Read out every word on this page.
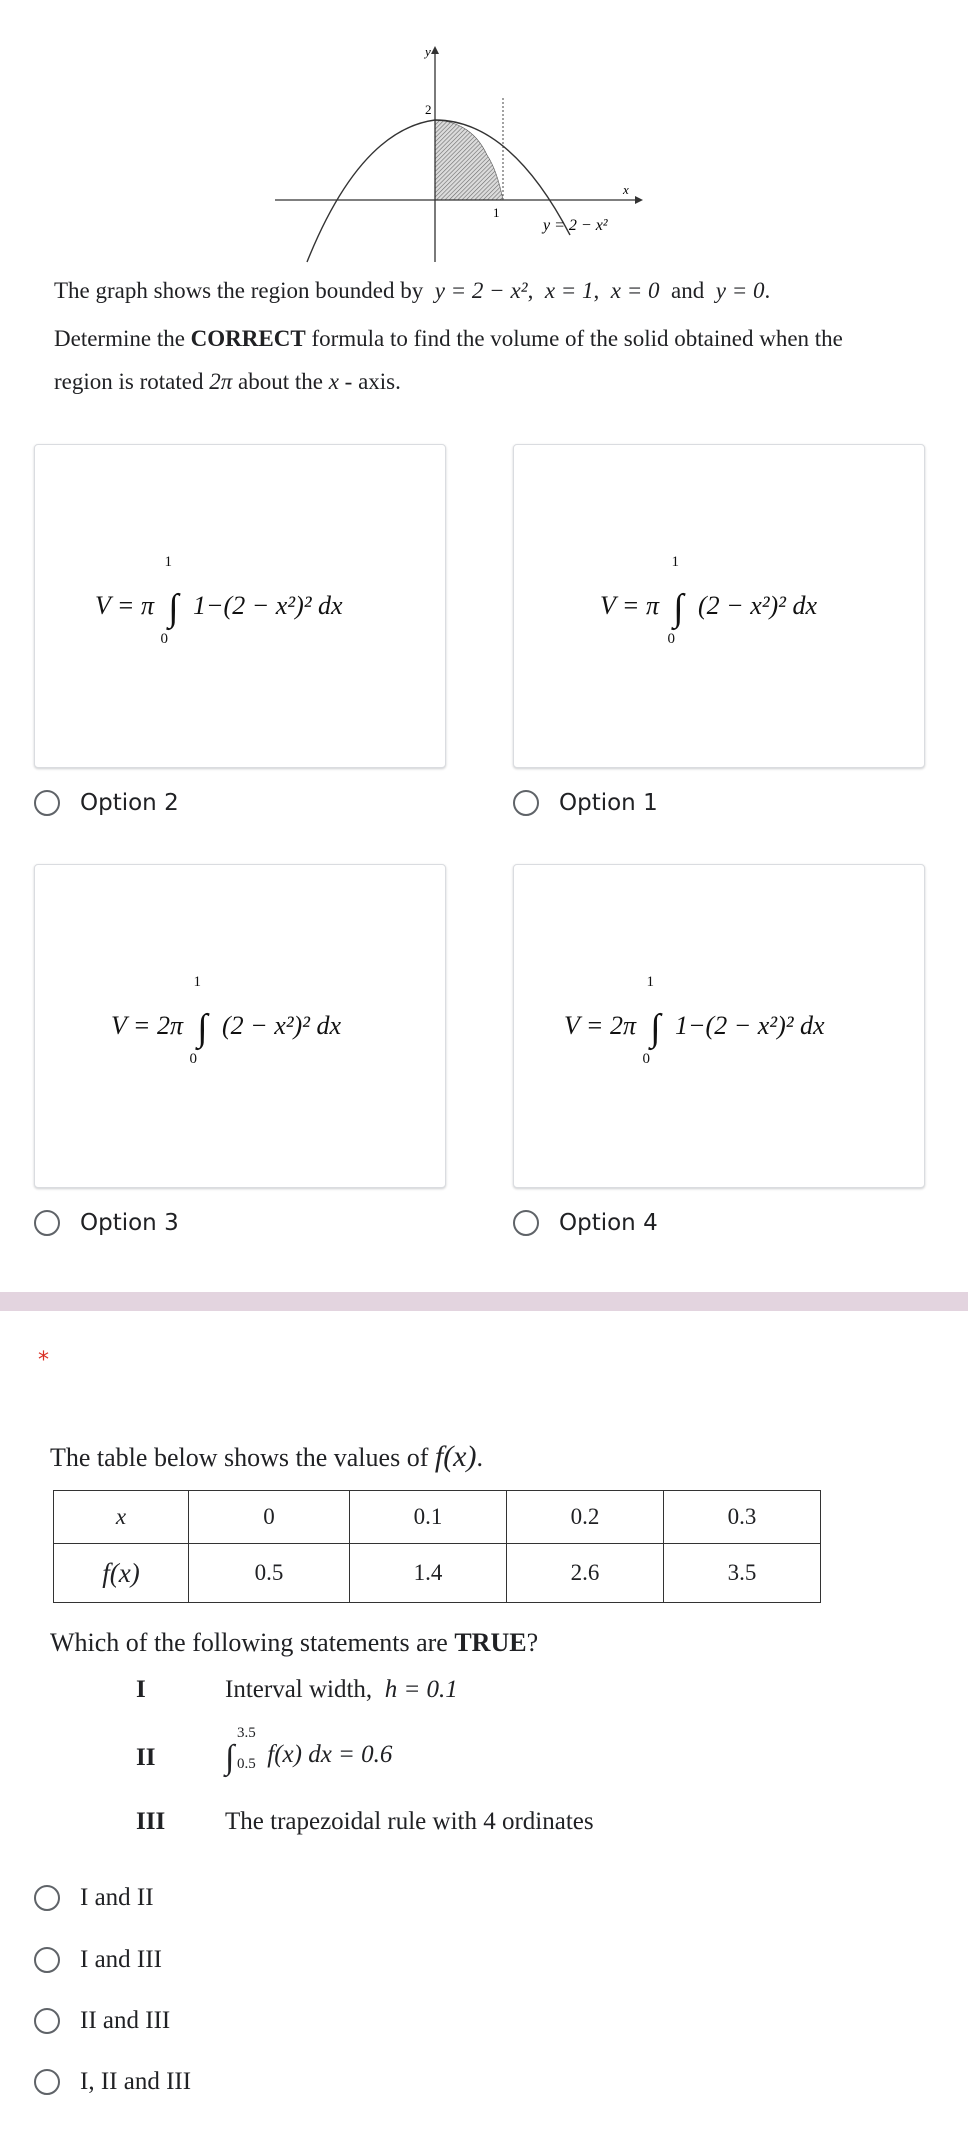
y
x
2
1
y = 2 − x²
The graph shows the region bounded by y = 2 − x², x = 1, x = 0 and y = 0.
Determine the CORRECT formula to find the volume of the solid obtained when the
region is rotated 2π about the x - axis.
V = π
1
∫
0
1−(2 − x²)² dx
Option 2
V = π
1
∫
0
(2 − x²)² dx
Option 1
V = 2π
1
∫
0
(2 − x²)² dx
Option 3
V = 2π
1
∫
0
1−(2 − x²)² dx
Option 4
*
The table below shows the values of f(x).
x	0	0.1	0.2	0.3
f(x)	0.5	1.4	2.6	3.5
Which of the following statements are TRUE?
I	Interval width, h = 0.1
II
3.5
∫ 0.5 f(x) dx = 0.6
III The trapezoidal rule with 4 ordinates
I and II
I and III
II and III
I, II and III
